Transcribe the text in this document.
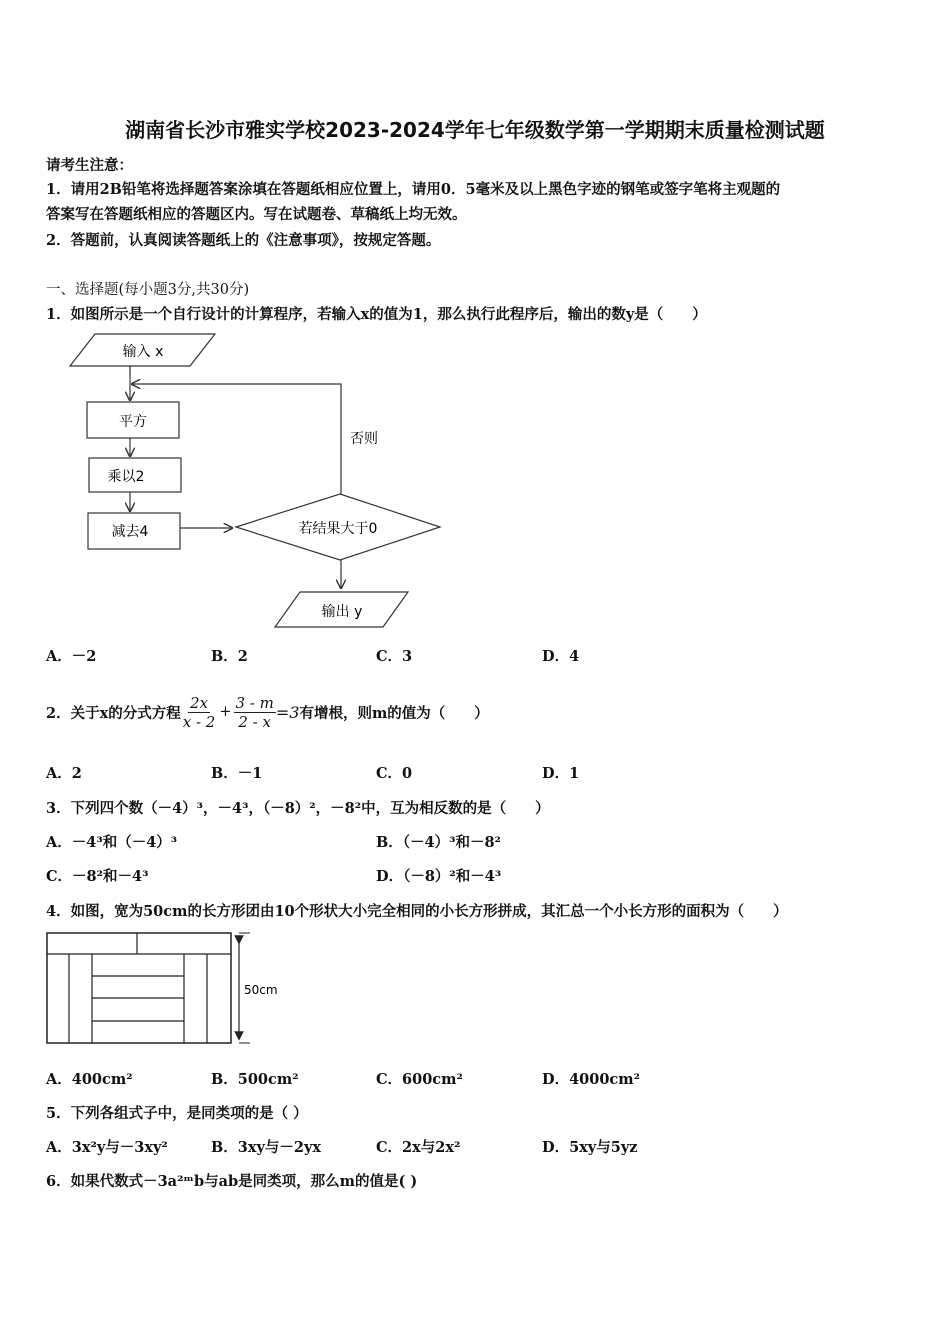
湖南省长沙市雅实学校2023-2024学年七年级数学第一学期期末质量检测试题
请考生注意：
1．请用2B铅笔将选择题答案涂填在答题纸相应位置上，请用0．5毫米及以上黑色字迹的钢笔或签字笔将主观题的
答案写在答题纸相应的答题区内。写在试题卷、草稿纸上均无效。
2．答题前，认真阅读答题纸上的《注意事项》，按规定答题。
一、选择题(每小题3分,共30分)
1．如图所示是一个自行设计的计算程序，若输入x的值为1，那么执行此程序后，输出的数y是（　　）
输入 x
平方
乘以2
减去4	若结果大于0
否则
输出 y
A．－2	B．2	C．3	D．4
2．关于x的分式方程 $\frac{2x}{x - 2} + \frac{3 - m}{2 - x} =3$ 有增根，则m的值为（　　）
A．2	B．－1	C．0	D．1
3．下列四个数（－4）³，－4³，（－8）²，－8²中，互为相反数的是（　　）
A．－4³和（－4）³	B．（－4）³和－8²
C．－8²和－4³	D．（－8）²和－4³
4．如图，宽为50cm的长方形团由10个形状大小完全相同的小长方形拼成，其汇总一个小长方形的面积为（　　）
50cm
A．400cm²	B．500cm²	C．600cm²	D．4000cm²
5．下列各组式子中，是同类项的是（ ）
A．3x²y与－3xy²	B．3xy与－2yx	C．2x与2x²	D．5xy与5yz
6．如果代数式－3a²ᵐb与ab是同类项，那么m的值是( )
